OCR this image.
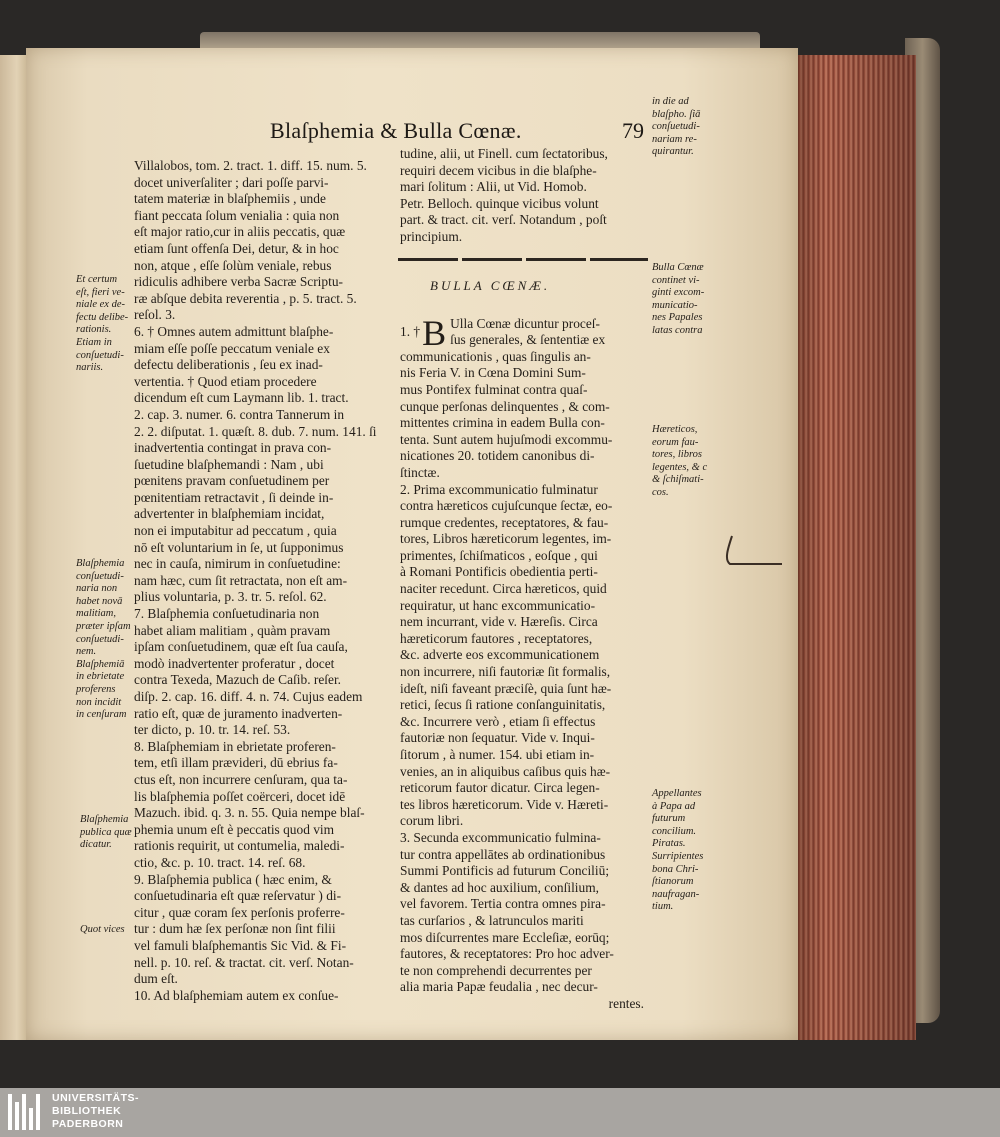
Blaſphemia & Bulla Cœnæ.	79
Villalobos, tom. 2. tract. 1. diff. 15. num. 5.
docet univerſaliter ; dari poſſe parvi-
tatem materiæ in blaſphemiis , unde
fiant peccata ſolum venialia : quia non
eſt major ratio,cur in aliis peccatis, quæ
etiam ſunt offenſa Dei, detur, & in hoc
non, atque , eſſe ſolùm veniale, rebus
ridiculis adhibere verba Sacræ Scriptu-
ræ abſque debita reverentia , p. 5. tract. 5.
reſol. 3.
6. † Omnes autem admittunt blaſphe-
miam eſſe poſſe peccatum veniale ex
defectu deliberationis , ſeu ex inad-
vertentia. † Quod etiam procedere
dicendum eſt cum Laymann lib. 1. tract.
2. cap. 3. numer. 6. contra Tannerum in
2. 2. diſputat. 1. quæſt. 8. dub. 7. num. 141. ſi
inadvertentia contingat in prava con-
ſuetudine blaſphemandi : Nam , ubi
pœnitens pravam conſuetudinem per
pœnitentiam retractavit , ſi deinde in-
advertenter in blaſphemiam incidat,
non ei imputabitur ad peccatum , quia
nō eſt voluntarium in ſe, ut ſupponimus
nec in cauſa, nimirum in conſuetudine:
nam hæc, cum ſit retractata, non eſt am-
plius voluntaria, p. 3. tr. 5. reſol. 62.
7. Blaſphemia conſuetudinaria non
habet aliam malitiam , quàm pravam
ipſam conſuetudinem, quæ eſt ſua cauſa,
modò inadvertenter proferatur , docet
contra Texeda, Mazuch de Caſib. reſer.
diſp. 2. cap. 16. diff. 4. n. 74. Cujus eadem
ratio eſt, quæ de juramento inadverten-
ter dicto, p. 10. tr. 14. reſ. 53.
8. Blaſphemiam in ebrietate proferen-
tem, etſi illam prævideri, dū ebrius fa-
ctus eſt, non incurrere cenſuram, qua ta-
lis blaſphemia poſſet coërceri, docet idē
Mazuch. ibid. q. 3. n. 55. Quia nempe blaſ-
phemia unum eſt è peccatis quod vim
rationis requirit, ut contumelia, maledi-
ctio, &c. p. 10. tract. 14. reſ. 68.
9. Blaſphemia publica ( hæc enim, &
conſuetudinaria eſt quæ reſervatur ) di-
citur , quæ coram ſex perſonis proferre-
tur : dum hæ ſex perſonæ non ſint filii
vel famuli blaſphemantis Sic Vid. & Fi-
nell. p. 10. reſ. & tractat. cit. verſ. Notan-
dum eſt.
10. Ad blaſphemiam autem ex conſue-
tudine, alii, ut Finell. cum ſectatoribus,
requiri decem vicibus in die blaſphe-
mari ſolitum : Alii, ut Vid. Homob.
Petr. Belloch. quinque vicibus volunt
part. & tract. cit. verſ. Notandum , poſt
principium.
1. † B Ulla Cœnæ dicuntur proceſ-
ſus generales, & ſententiæ ex
communicationis , quas ſingulis an-
nis Feria V. in Cœna Domini Sum-
mus Pontifex fulminat contra quaſ-
cunque perſonas delinquentes , & com-
mittentes crimina in eadem Bulla con-
tenta. Sunt autem hujuſmodi excommu-
nicationes 20. totidem canonibus di-
ſtinctæ.
2. Prima excommunicatio fulminatur
contra hæreticos cujuſcunque ſectæ, eo-
rumque credentes, receptatores, & fau-
tores, Libros hæreticorum legentes, im-
primentes, ſchiſmaticos , eoſque , qui
à Romani Pontificis obedientia perti-
naciter recedunt. Circa hæreticos, quid
requiratur, ut hanc excommunicatio-
nem incurrant, vide v. Hæreſis. Circa
hæreticorum fautores , receptatores,
&c. adverte eos excommunicationem
non incurrere, niſi fautoriæ ſit formalis,
ideſt, niſi faveant præciſè, quia ſunt hæ-
retici, ſecus ſi ratione conſanguinitatis,
&c. Incurrere verò , etiam ſi effectus
fautoriæ non ſequatur. Vide v. Inqui-
ſitorum , à numer. 154. ubi etiam in-
venies, an in aliquibus caſibus quis hæ-
reticorum fautor dicatur. Circa legen-
tes libros hæreticorum. Vide v. Hæreti-
corum libri.
3. Secunda excommunicatio fulmina-
tur contra appellātes ab ordinationibus
Summi Pontificis ad futurum Conciliū;
& dantes ad hoc auxilium, conſilium,
vel favorem. Tertia contra omnes pira-
tas curſarios , & latrunculos mariti
mos diſcurrentes mare Eccleſiæ, eorūq;
fautores, & receptatores: Pro hoc adver-
te non comprehendi decurrentes per
alia maria Papæ feudalia , nec decur-
rentes.
BULLA CŒNÆ.
Et certum
eſt, fieri ve-
niale ex de-
fectu delibe-
rationis.
Etiam in
conſuetudi-
nariis.
Blaſphemia
conſuetudi-
naria non
habet novā
malitiam,
præter ipſam
conſuetudi-
nem.
Blaſphemiā
in ebrietate
proferens
non incidit
in cenſuram
Blaſphemia
publica quæ
dicatur.
Quot vices
in die ad
blaſpho. ſiā
conſuetudi-
nariam re-
quirantur.
Bulla Cœnæ
continet vi-
ginti excom-
municatio-
nes Papales
latas contra
Hæreticos,
eorum fau-
tores, libros
legentes, & c
& ſchiſmati-
cos.
Appellantes
à Papa ad
futurum
concilium.
Piratas.
Surripientes
bona Chri-
ſtianorum
naufragan-
tium.
UNIVERSITÄTS-
BIBLIOTHEK
PADERBORN
